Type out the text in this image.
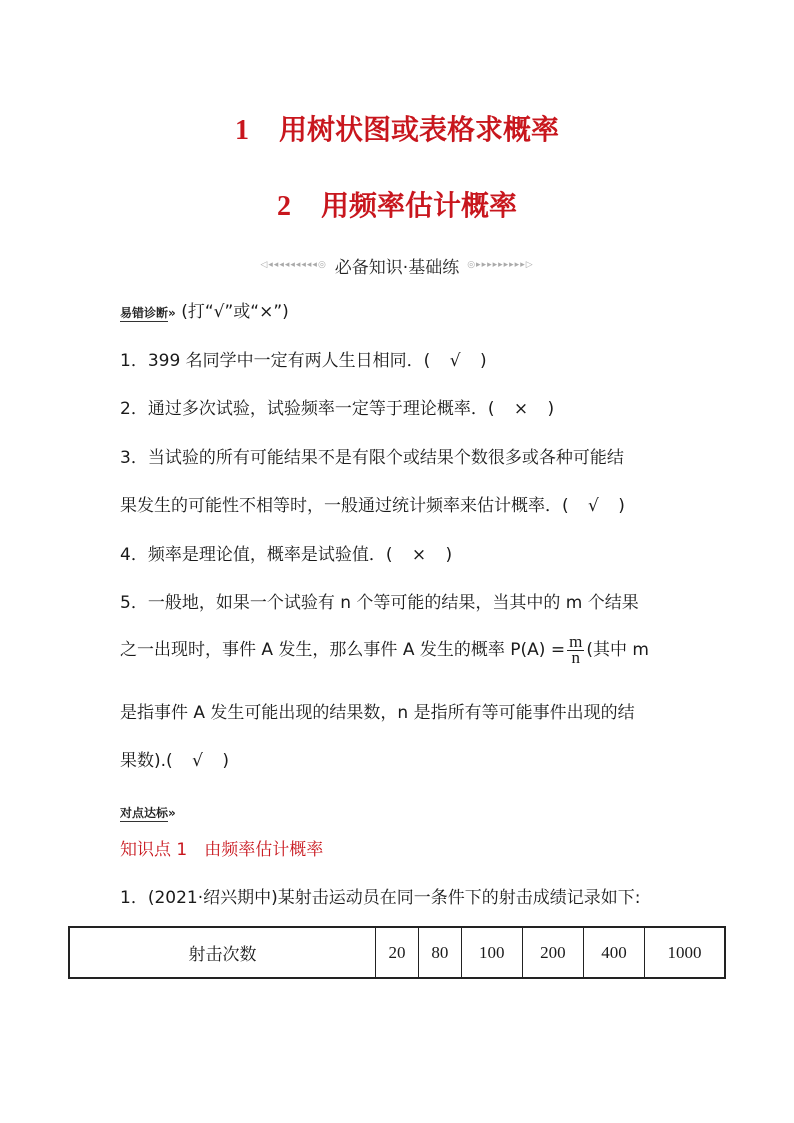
1 用树状图或表格求概率
2 用频率估计概率
◁◂◂◂◂◂◂◂◂◂◎ 必备知识·基础练 ◎▸▸▸▸▸▸▸▸▸▷
易错诊断» (打“√”或“×”)
1．399 名同学中一定有两人生日相同．( √ )
2．通过多次试验，试验频率一定等于理论概率．( × )
3．当试验的所有可能结果不是有限个或结果个数很多或各种可能结
果发生的可能性不相等时，一般通过统计频率来估计概率．( √ )
4．频率是理论值，概率是试验值．( × )
5．一般地，如果一个试验有 n 个等可能的结果，当其中的 m 个结果
之一出现时，事件 A 发生，那么事件 A 发生的概率 $P(A) = \frac{m}{n}$ (其中 m
是指事件 A 发生可能出现的结果数，n 是指所有等可能事件出现的结
果数).( √ )
对点达标»
知识点 1　由频率估计概率
1．(2021·绍兴期中)某射击运动员在同一条件下的射击成绩记录如下:
射击次数	20	80	100	200	400	1000
